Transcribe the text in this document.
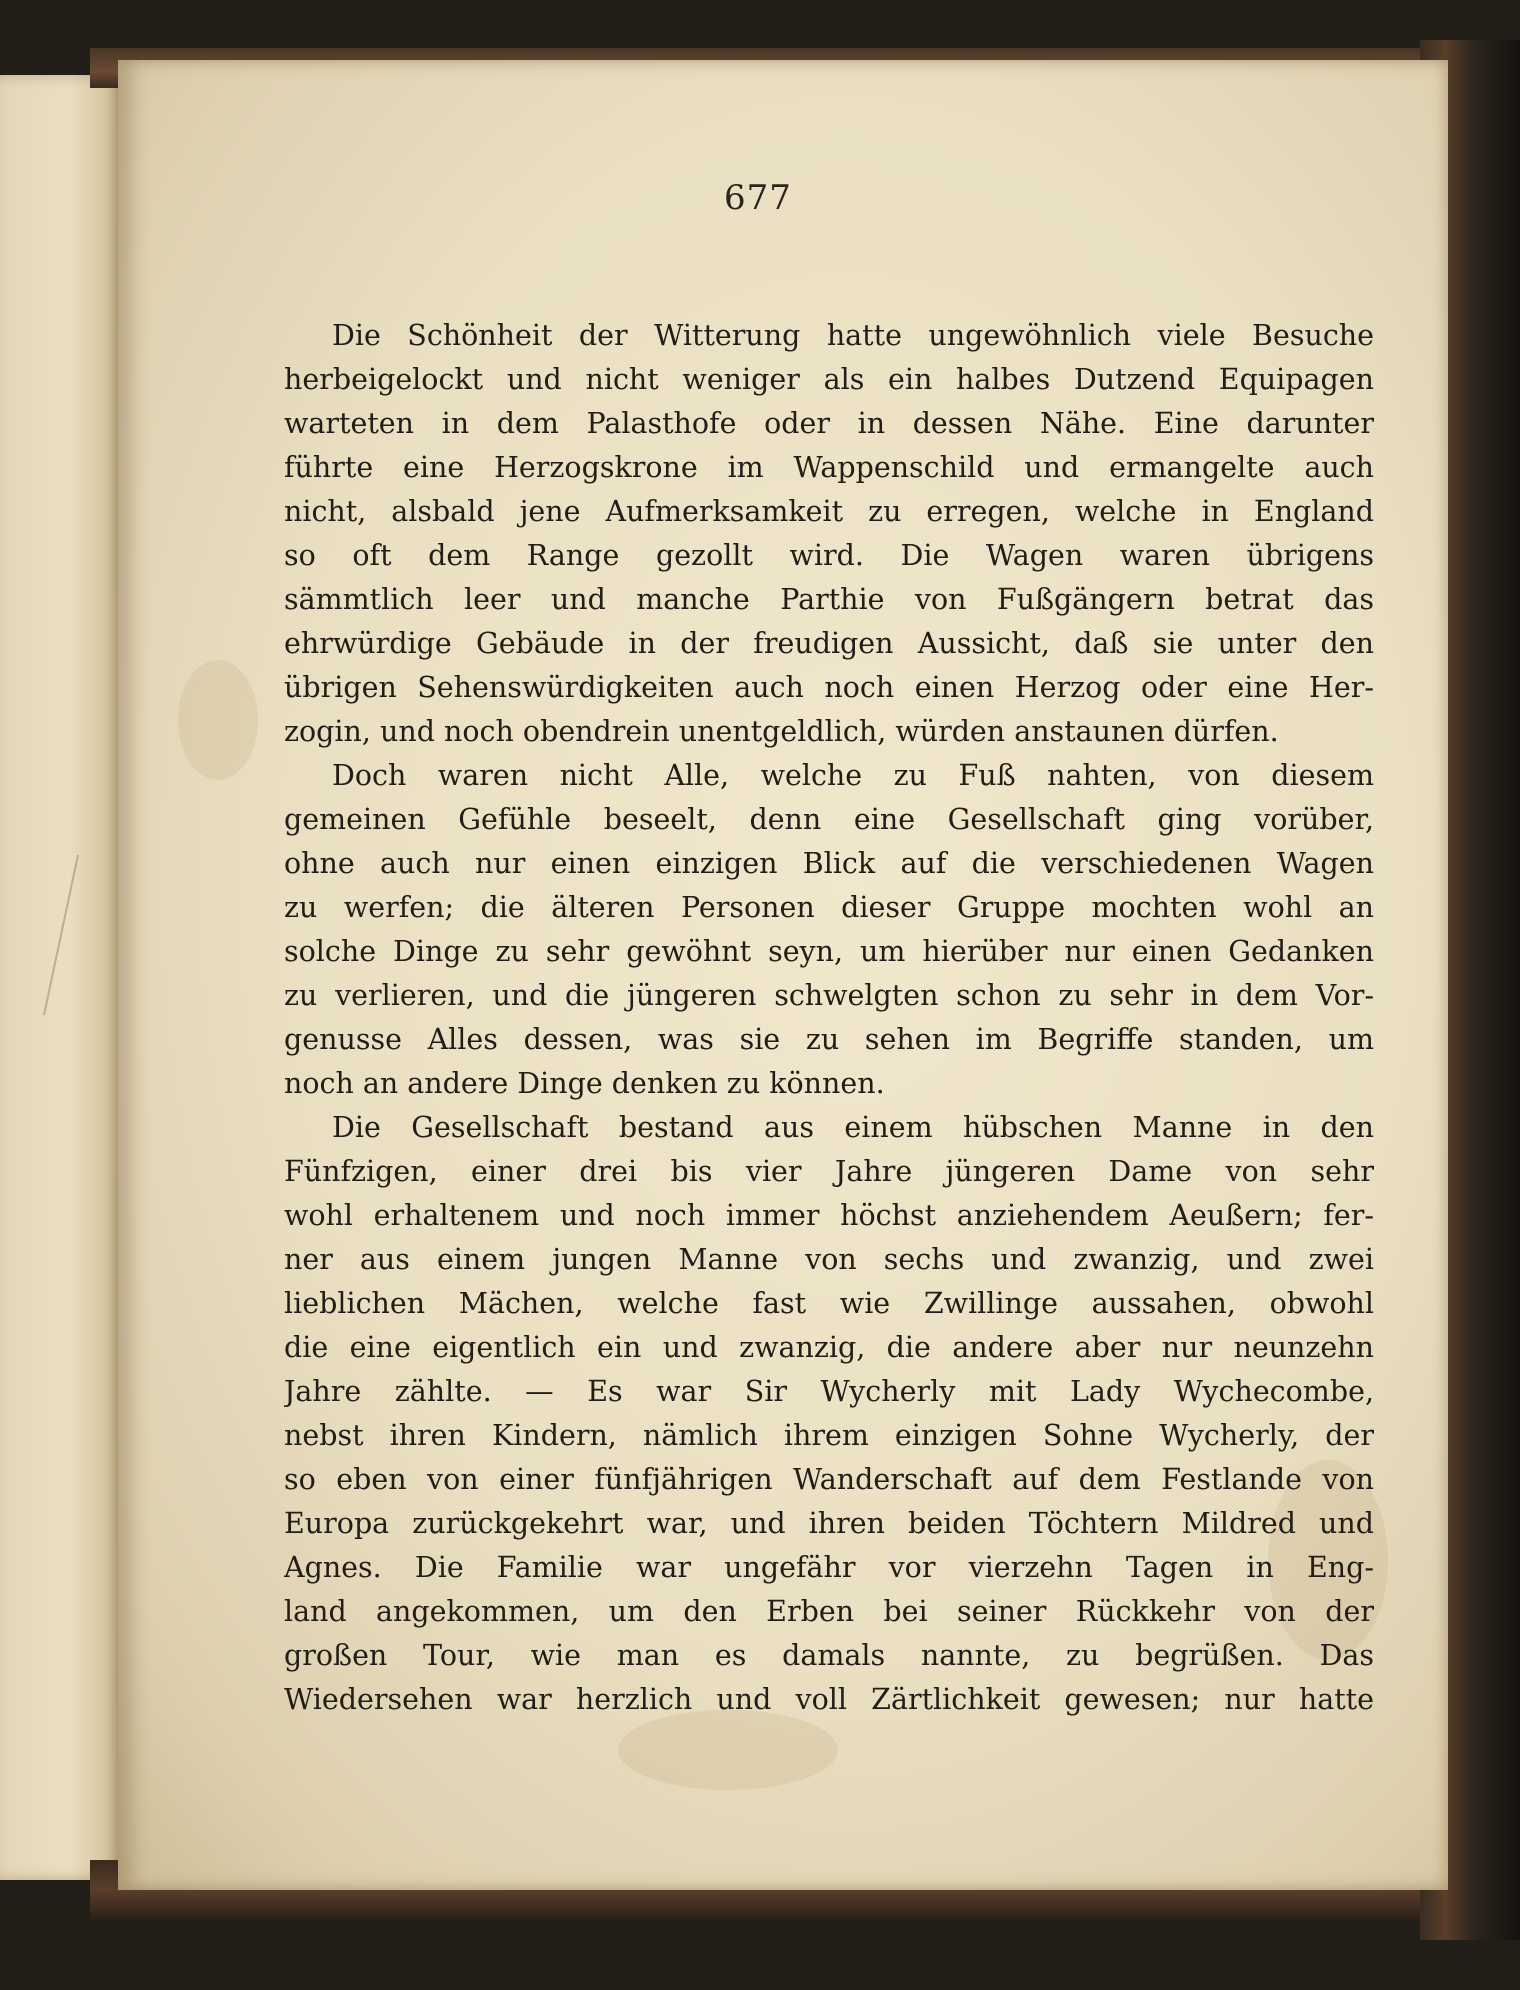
677
Die Schönheit der Witterung hatte ungewöhnlich viele Besuche
herbeigelockt und nicht weniger als ein halbes Dutzend Equipagen
warteten in dem Palasthofe oder in dessen Nähe. Eine darunter
führte eine Herzogskrone im Wappenschild und ermangelte auch
nicht, alsbald jene Aufmerksamkeit zu erregen, welche in England
so oft dem Range gezollt wird. Die Wagen waren übrigens
sämmtlich leer und manche Parthie von Fußgängern betrat das
ehrwürdige Gebäude in der freudigen Aussicht, daß sie unter den
übrigen Sehenswürdigkeiten auch noch einen Herzog oder eine Her-
zogin, und noch obendrein unentgeldlich, würden anstaunen dürfen.
Doch waren nicht Alle, welche zu Fuß nahten, von diesem
gemeinen Gefühle beseelt, denn eine Gesellschaft ging vorüber,
ohne auch nur einen einzigen Blick auf die verschiedenen Wagen
zu werfen; die älteren Personen dieser Gruppe mochten wohl an
solche Dinge zu sehr gewöhnt seyn, um hierüber nur einen Gedanken
zu verlieren, und die jüngeren schwelgten schon zu sehr in dem Vor-
genusse Alles dessen, was sie zu sehen im Begriffe standen, um
noch an andere Dinge denken zu können.
Die Gesellschaft bestand aus einem hübschen Manne in den
Fünfzigen, einer drei bis vier Jahre jüngeren Dame von sehr
wohl erhaltenem und noch immer höchst anziehendem Aeußern; fer-
ner aus einem jungen Manne von sechs und zwanzig, und zwei
lieblichen Mächen, welche fast wie Zwillinge aussahen, obwohl
die eine eigentlich ein und zwanzig, die andere aber nur neunzehn
Jahre zählte. — Es war Sir Wycherly mit Lady Wychecombe,
nebst ihren Kindern, nämlich ihrem einzigen Sohne Wycherly, der
so eben von einer fünfjährigen Wanderschaft auf dem Festlande von
Europa zurückgekehrt war, und ihren beiden Töchtern Mildred und
Agnes. Die Familie war ungefähr vor vierzehn Tagen in Eng-
land angekommen, um den Erben bei seiner Rückkehr von der
großen Tour, wie man es damals nannte, zu begrüßen. Das
Wiedersehen war herzlich und voll Zärtlichkeit gewesen; nur hatte
